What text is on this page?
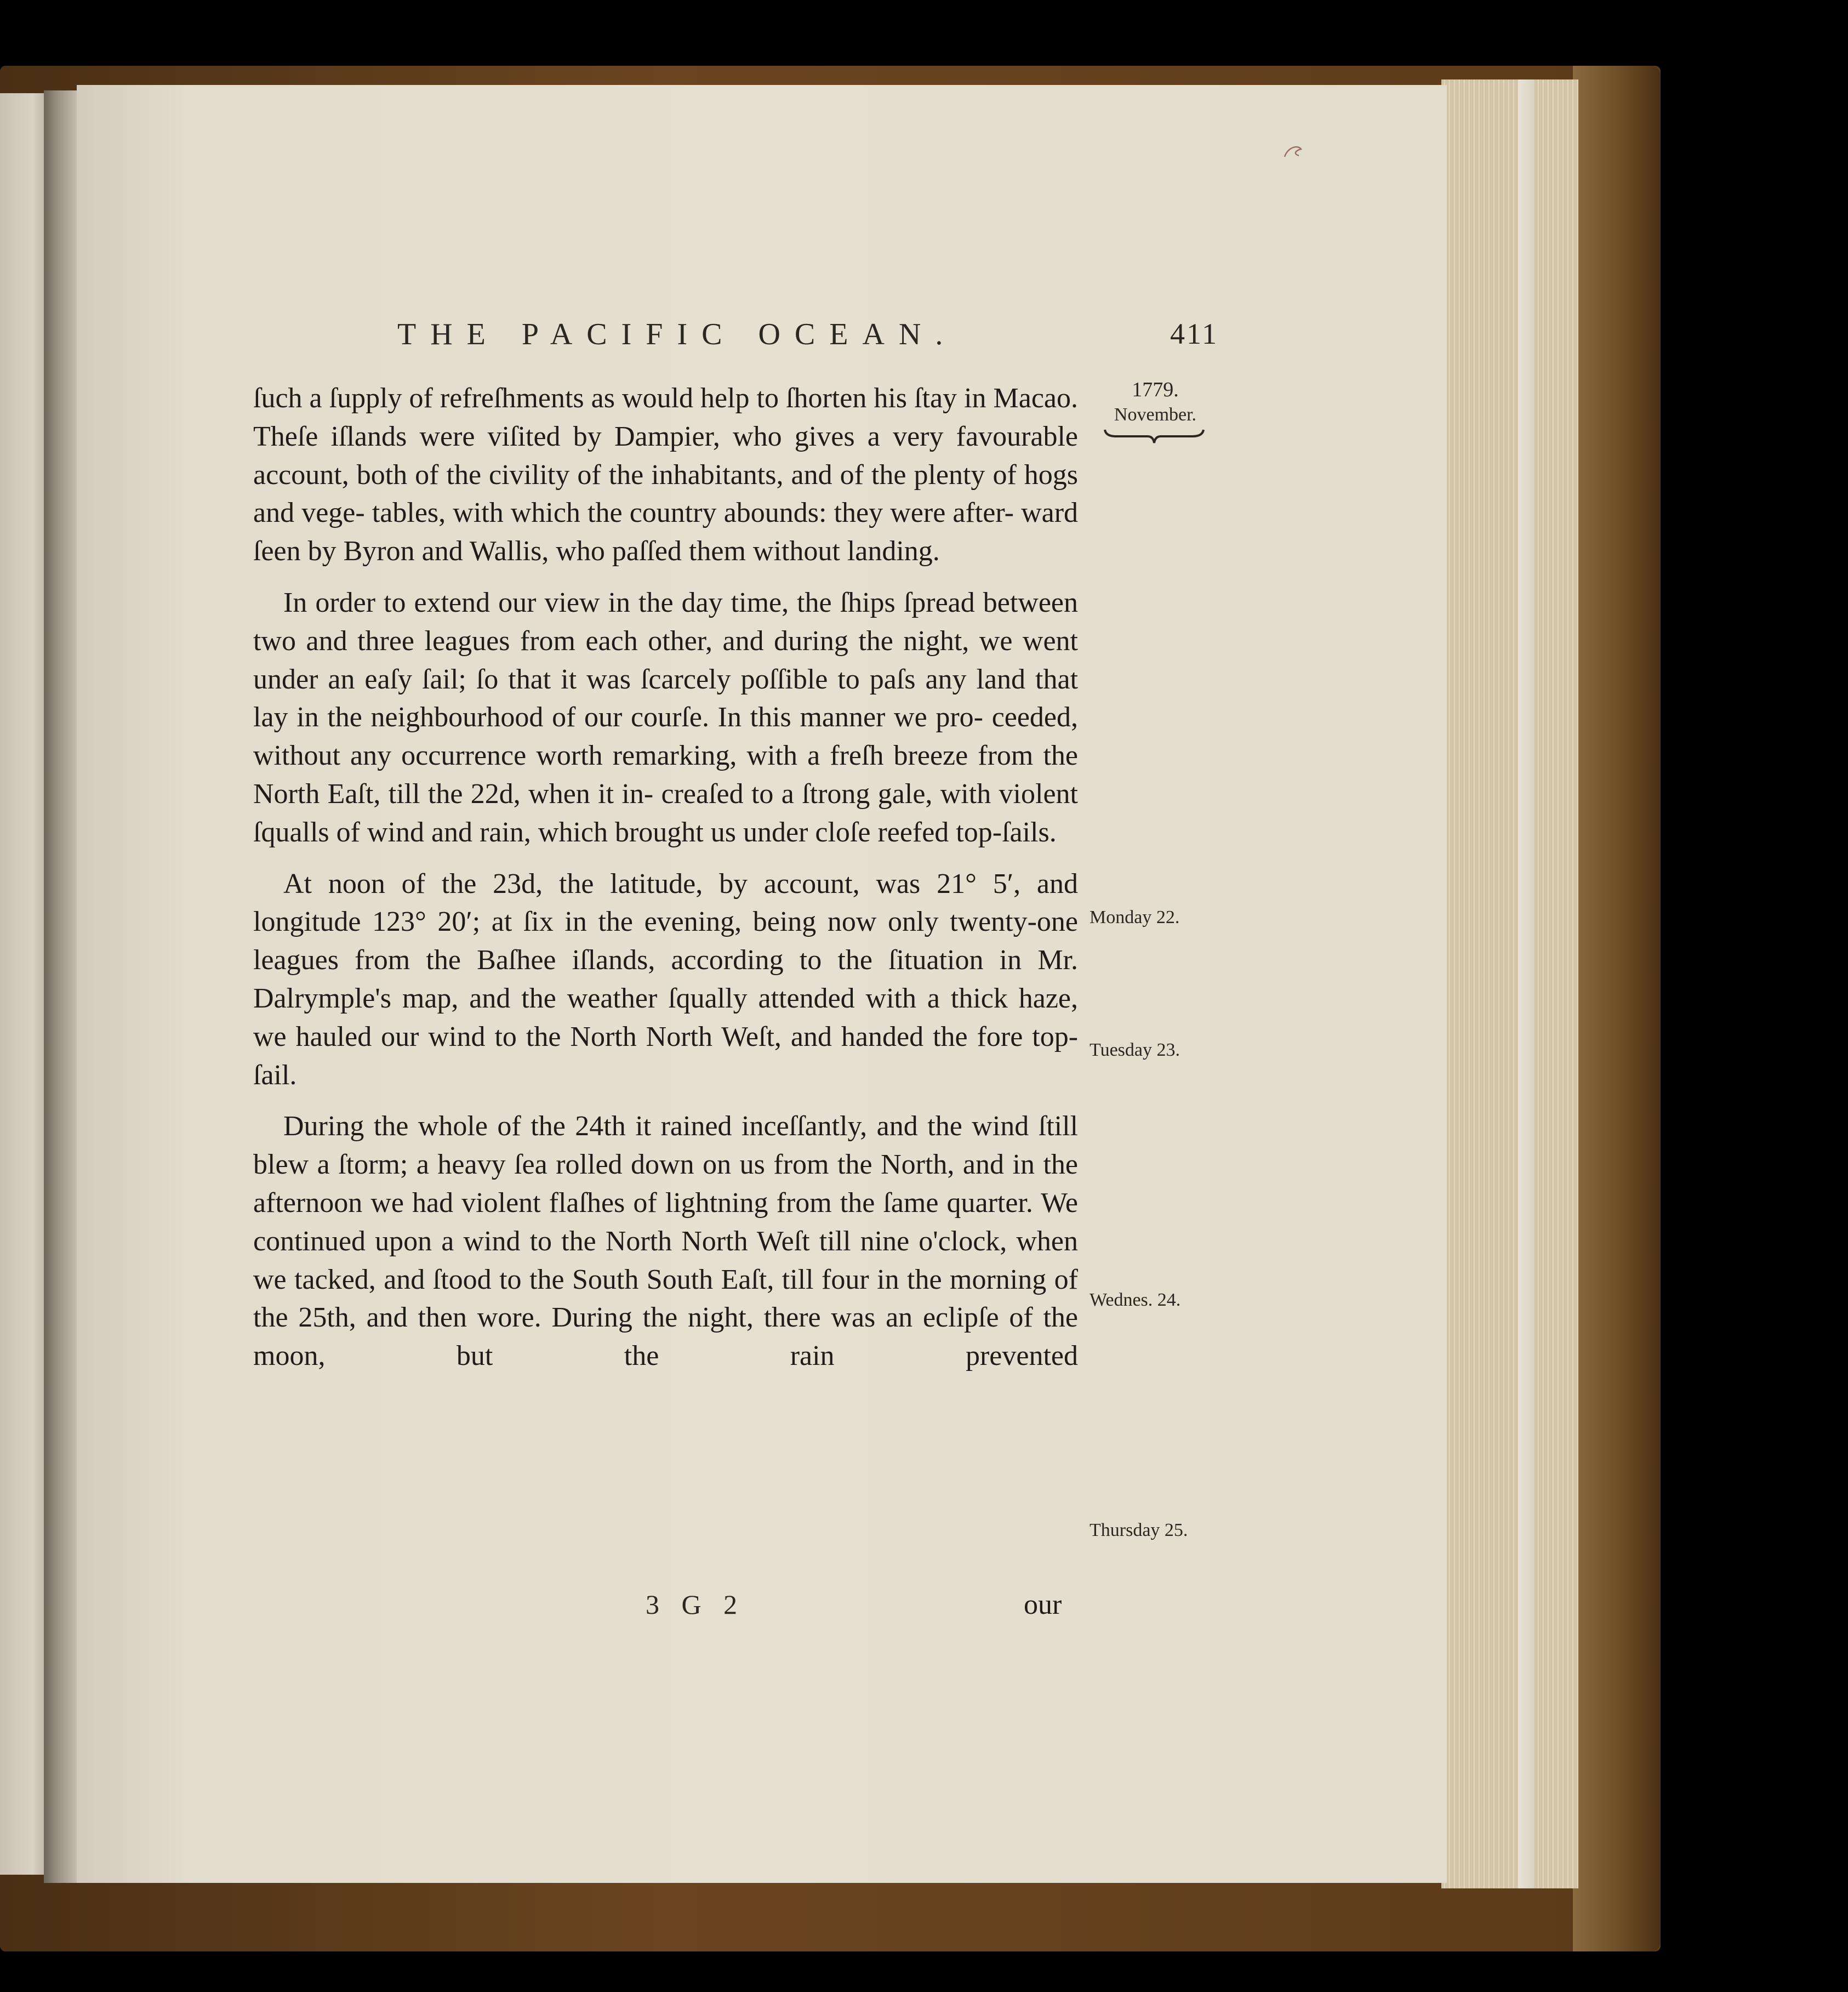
THE PACIFIC OCEAN.	411
1779.
November.
Monday 22.
Tuesday 23.
Wednes. 24.
Thursday 25.

ſuch a ſupply of refreſhments as would help to ſhorten his ſtay in Macao. Theſe iſlands were viſited by Dampier, who gives a very favourable account, both of the civility of the inhabitants, and of the plenty of hogs and vege- tables, with which the country abounds: they were after- ward ſeen by Byron and Wallis, who paſſed them without landing.

In order to extend our view in the day time, the ſhips ſpread between two and three leagues from each other, and during the night, we went under an eaſy ſail; ſo that it was ſcarcely poſſible to paſs any land that lay in the neighbourhood of our courſe. In this manner we pro- ceeded, without any occurrence worth remarking, with a freſh breeze from the North Eaſt, till the 22d, when it in- creaſed to a ſtrong gale, with violent ſqualls of wind and rain, which brought us under cloſe reefed top-ſails.

At noon of the 23d, the latitude, by account, was 21° 5′, and longitude 123° 20′; at ſix in the evening, being now only twenty-one leagues from the Baſhee iſlands, according to the ſituation in Mr. Dalrymple's map, and the weather ſqually attended with a thick haze, we hauled our wind to the North North Weſt, and handed the fore top-ſail.

During the whole of the 24th it rained inceſſantly, and the wind ſtill blew a ſtorm; a heavy ſea rolled down on us from the North, and in the afternoon we had violent flaſhes of lightning from the ſame quarter. We continued upon a wind to the North North Weſt till nine o'clock, when we tacked, and ſtood to the South South Eaſt, till four in the morning of the 25th, and then wore. During the night, there was an eclipſe of the moon, but the rain prevented

3 G 2	our
